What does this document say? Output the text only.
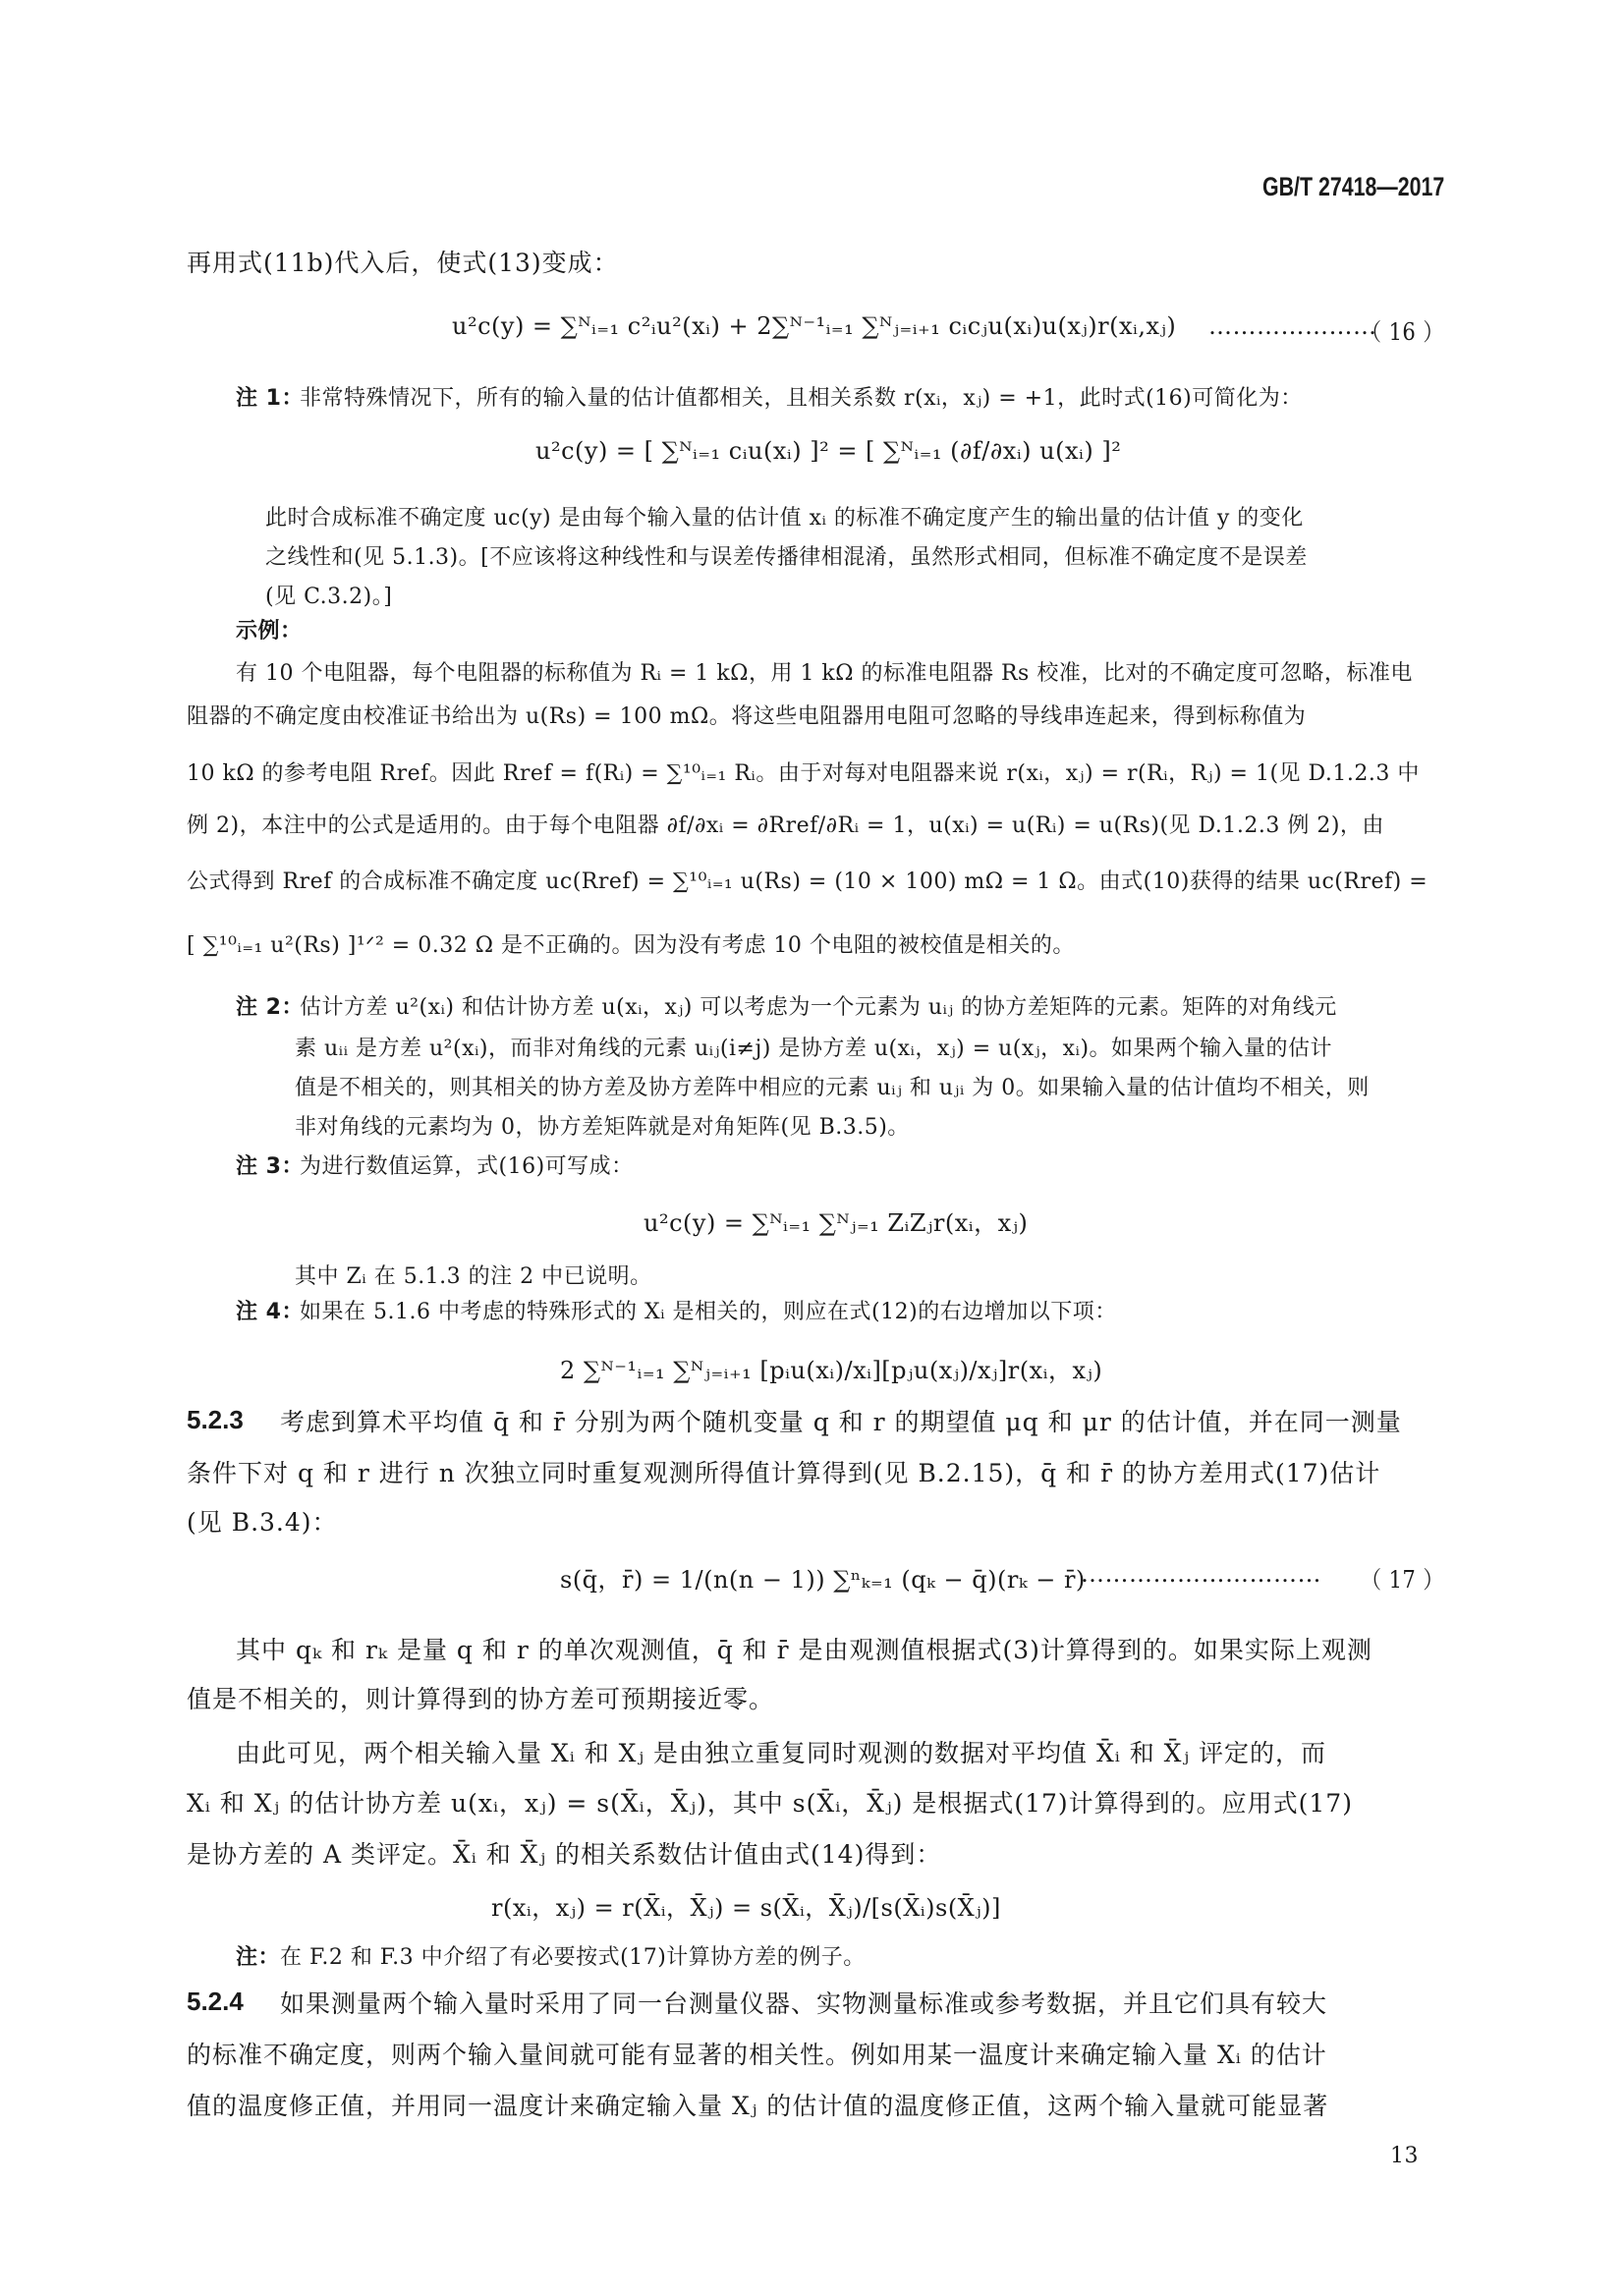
GB/T 27418—2017
再用式(11b)代入后，使式(13)变成：
u²c(y) = ∑ᴺᵢ₌₁ c²ᵢu²(xᵢ) + 2∑ᴺ⁻¹ᵢ₌₁ ∑ᴺⱼ₌ᵢ₊₁ cᵢcⱼu(xᵢ)u(xⱼ)r(xᵢ,xⱼ) …………………
（ 16 ）
注 1：
非常特殊情况下，所有的输入量的估计值都相关，且相关系数 r(xᵢ，xⱼ) = +1，此时式(16)可简化为：
u²c(y) = [ ∑ᴺᵢ₌₁ cᵢu(xᵢ) ]² = [ ∑ᴺᵢ₌₁ (∂f/∂xᵢ) u(xᵢ) ]²
此时合成标准不确定度 uc(y) 是由每个输入量的估计值 xᵢ 的标准不确定度产生的输出量的估计值 y 的变化
之线性和(见 5.1.3)。[不应该将这种线性和与误差传播律相混淆，虽然形式相同，但标准不确定度不是误差
(见 C.3.2)。]
示例：
有 10 个电阻器，每个电阻器的标称值为 Rᵢ = 1 kΩ，用 1 kΩ 的标准电阻器 Rs 校准，比对的不确定度可忽略，标准电
阻器的不确定度由校准证书给出为 u(Rs) = 100 mΩ。将这些电阻器用电阻可忽略的导线串连起来，得到标称值为
10 kΩ 的参考电阻 Rref。因此 Rref = f(Rᵢ) = ∑¹⁰ᵢ₌₁ Rᵢ。由于对每对电阻器来说 r(xᵢ，xⱼ) = r(Rᵢ，Rⱼ) = 1(见 D.1.2.3 中
例 2)，本注中的公式是适用的。由于每个电阻器 ∂f/∂xᵢ = ∂Rref/∂Rᵢ = 1，u(xᵢ) = u(Rᵢ) = u(Rs)(见 D.1.2.3 例 2)，由
公式得到 Rref 的合成标准不确定度 uc(Rref) = ∑¹⁰ᵢ₌₁ u(Rs) = (10 × 100) mΩ = 1 Ω。由式(10)获得的结果 uc(Rref) =
[ ∑¹⁰ᵢ₌₁ u²(Rs) ]¹ᐟ² = 0.32 Ω 是不正确的。因为没有考虑 10 个电阻的被校值是相关的。
注 2：
估计方差 u²(xᵢ) 和估计协方差 u(xᵢ，xⱼ) 可以考虑为一个元素为 uᵢⱼ 的协方差矩阵的元素。矩阵的对角线元
素 uᵢᵢ 是方差 u²(xᵢ)，而非对角线的元素 uᵢⱼ(i≠j) 是协方差 u(xᵢ，xⱼ) = u(xⱼ，xᵢ)。如果两个输入量的估计
值是不相关的，则其相关的协方差及协方差阵中相应的元素 uᵢⱼ 和 uⱼᵢ 为 0。如果输入量的估计值均不相关，则
非对角线的元素均为 0，协方差矩阵就是对角矩阵(见 B.3.5)。
注 3：
为进行数值运算，式(16)可写成：
u²c(y) = ∑ᴺᵢ₌₁ ∑ᴺⱼ₌₁ ZᵢZⱼr(xᵢ，xⱼ)
其中 Zᵢ 在 5.1.3 的注 2 中已说明。
注 4：
如果在 5.1.6 中考虑的特殊形式的 Xᵢ 是相关的，则应在式(12)的右边增加以下项：
2 ∑ᴺ⁻¹ᵢ₌₁ ∑ᴺⱼ₌ᵢ₊₁ [pᵢu(xᵢ)/xᵢ][pⱼu(xⱼ)/xⱼ]r(xᵢ，xⱼ)
5.2.3 考虑到算术平均值 q̄ 和 r̄ 分别为两个随机变量 q 和 r 的期望值 μq 和 μr 的估计值，并在同一测量
条件下对 q 和 r 进行 n 次独立同时重复观测所得值计算得到(见 B.2.15)，q̄ 和 r̄ 的协方差用式(17)估计
(见 B.3.4)：
s(q̄，r̄) = 1/(n(n − 1)) ∑ⁿₖ₌₁ (qₖ − q̄)(rₖ − r̄)
………………………… （ 17 ）
其中 qₖ 和 rₖ 是量 q 和 r 的单次观测值，q̄ 和 r̄ 是由观测值根据式(3)计算得到的。如果实际上观测
值是不相关的，则计算得到的协方差可预期接近零。
由此可见，两个相关输入量 Xᵢ 和 Xⱼ 是由独立重复同时观测的数据对平均值 X̄ᵢ 和 X̄ⱼ 评定的，而
Xᵢ 和 Xⱼ 的估计协方差 u(xᵢ，xⱼ) = s(X̄ᵢ，X̄ⱼ)，其中 s(X̄ᵢ，X̄ⱼ) 是根据式(17)计算得到的。应用式(17)
是协方差的 A 类评定。X̄ᵢ 和 X̄ⱼ 的相关系数估计值由式(14)得到：
r(xᵢ，xⱼ) = r(X̄ᵢ，X̄ⱼ) = s(X̄ᵢ，X̄ⱼ)/[s(X̄ᵢ)s(X̄ⱼ)]
注： 在 F.2 和 F.3 中介绍了有必要按式(17)计算协方差的例子。
5.2.4 如果测量两个输入量时采用了同一台测量仪器、实物测量标准或参考数据，并且它们具有较大
的标准不确定度，则两个输入量间就可能有显著的相关性。例如用某一温度计来确定输入量 Xᵢ 的估计
值的温度修正值，并用同一温度计来确定输入量 Xⱼ 的估计值的温度修正值，这两个输入量就可能显著
13
